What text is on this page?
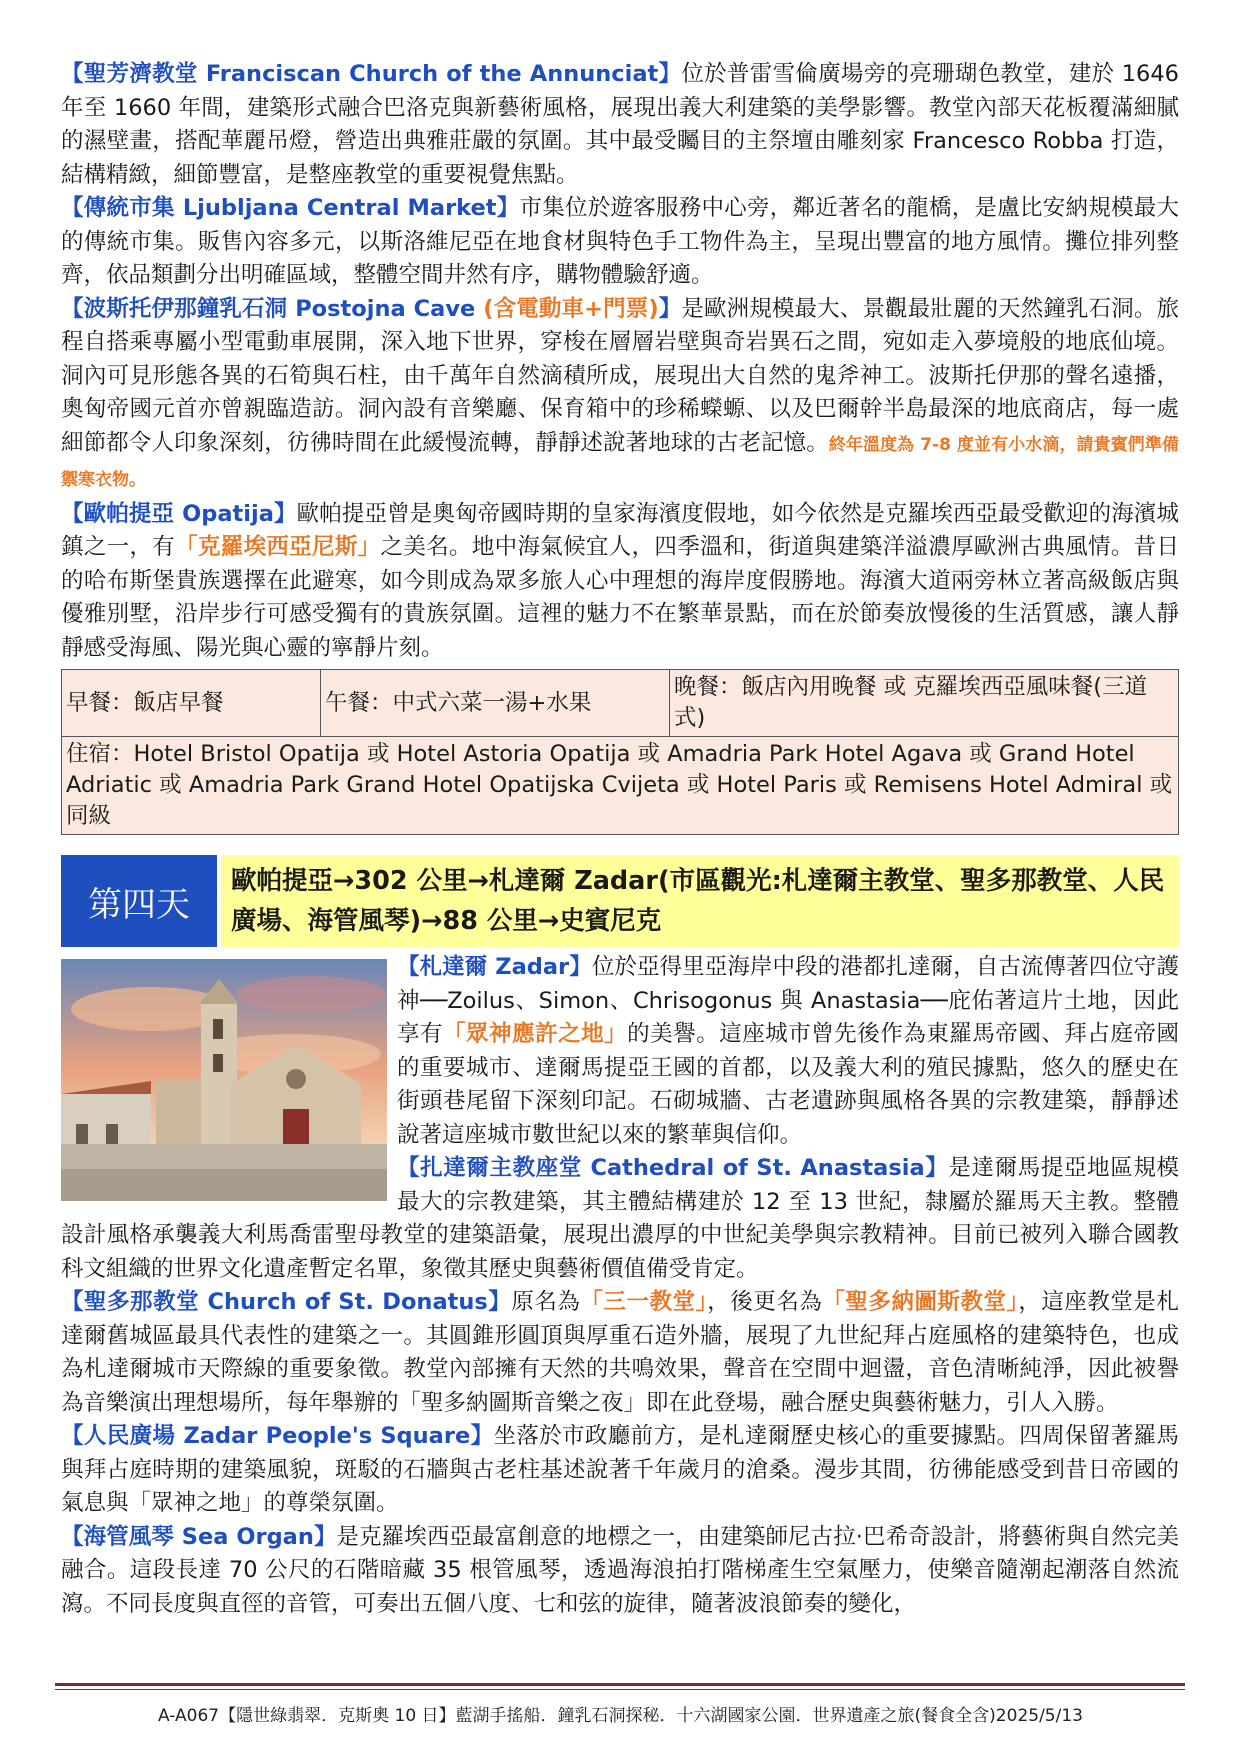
【聖芳濟教堂 Franciscan Church of the Annunciat】位於普雷雪倫廣場旁的亮珊瑚色教堂，建於 1646 年至 1660 年間，建築形式融合巴洛克與新藝術風格，展現出義大利建築的美學影響。教堂內部天花板覆滿細膩的濕壁畫，搭配華麗吊燈，營造出典雅莊嚴的氛圍。其中最受矚目的主祭壇由雕刻家 Francesco Robba 打造，結構精緻，細節豐富，是整座教堂的重要視覺焦點。

【傳統市集 Ljubljana Central Market】市集位於遊客服務中心旁，鄰近著名的龍橋，是盧比安納規模最大的傳統市集。販售內容多元，以斯洛維尼亞在地食材與特色手工物件為主，呈現出豐富的地方風情。攤位排列整齊，依品類劃分出明確區域，整體空間井然有序，購物體驗舒適。

【波斯托伊那鐘乳石洞 Postojna Cave (含電動車+門票)】是歐洲規模最大、景觀最壯麗的天然鐘乳石洞。旅程自搭乘專屬小型電動車展開，深入地下世界，穿梭在層層岩壁與奇岩異石之間，宛如走入夢境般的地底仙境。洞內可見形態各異的石筍與石柱，由千萬年自然滴積所成，展現出大自然的鬼斧神工。波斯托伊那的聲名遠播，奧匈帝國元首亦曾親臨造訪。洞內設有音樂廳、保育箱中的珍稀蠑螈、以及巴爾幹半島最深的地底商店，每一處細節都令人印象深刻，彷彿時間在此緩慢流轉，靜靜述說著地球的古老記憶。終年溫度為 7-8 度並有小水滴，請貴賓們準備禦寒衣物。

【歐帕提亞 Opatija】歐帕提亞曾是奧匈帝國時期的皇家海濱度假地，如今依然是克羅埃西亞最受歡迎的海濱城鎮之一，有「克羅埃西亞尼斯」之美名。地中海氣候宜人，四季溫和，街道與建築洋溢濃厚歐洲古典風情。昔日的哈布斯堡貴族選擇在此避寒，如今則成為眾多旅人心中理想的海岸度假勝地。海濱大道兩旁林立著高級飯店與優雅別墅，沿岸步行可感受獨有的貴族氛圍。這裡的魅力不在繁華景點，而在於節奏放慢後的生活質感，讓人靜靜感受海風、陽光與心靈的寧靜片刻。

早餐：飯店早餐	午餐：中式六菜一湯+水果	晚餐：飯店內用晚餐 或 克羅埃西亞風味餐(三道式)
住宿：Hotel Bristol Opatija 或 Hotel Astoria Opatija 或 Amadria Park Hotel Agava 或 Grand Hotel Adriatic 或 Amadria Park Grand Hotel Opatijska Cvijeta 或 Hotel Paris 或 Remisens Hotel Admiral 或 同級
第四天
歐帕提亞→302 公里→札達爾 Zadar(市區觀光:札達爾主教堂、聖多那教堂、人民廣場、海管風琴)→88 公里→史賓尼克

【札達爾 Zadar】位於亞得里亞海岸中段的港都扎達爾，自古流傳著四位守護神──Zoilus、Simon、Chrisogonus 與 Anastasia──庇佑著這片土地，因此享有「眾神應許之地」的美譽。這座城市曾先後作為東羅馬帝國、拜占庭帝國的重要城市、達爾馬提亞王國的首都，以及義大利的殖民據點，悠久的歷史在街頭巷尾留下深刻印記。石砌城牆、古老遺跡與風格各異的宗教建築，靜靜述說著這座城市數世紀以來的繁華與信仰。

【扎達爾主教座堂 Cathedral of St. Anastasia】是達爾馬提亞地區規模最大的宗教建築，其主體結構建於 12 至 13 世紀，隸屬於羅馬天主教。整體設計風格承襲義大利馬喬雷聖母教堂的建築語彙，展現出濃厚的中世紀美學與宗教精神。目前已被列入聯合國教科文組織的世界文化遺產暫定名單，象徵其歷史與藝術價值備受肯定。

【聖多那教堂 Church of St. Donatus】原名為「三一教堂」，後更名為「聖多納圖斯教堂」，這座教堂是札達爾舊城區最具代表性的建築之一。其圓錐形圓頂與厚重石造外牆，展現了九世紀拜占庭風格的建築特色，也成為札達爾城市天際線的重要象徵。教堂內部擁有天然的共鳴效果，聲音在空間中迴盪，音色清晰純淨，因此被譽為音樂演出理想場所，每年舉辦的「聖多納圖斯音樂之夜」即在此登場，融合歷史與藝術魅力，引人入勝。

【人民廣場 Zadar People's Square】坐落於市政廳前方，是札達爾歷史核心的重要據點。四周保留著羅馬與拜占庭時期的建築風貌，斑駁的石牆與古老柱基述說著千年歲月的滄桑。漫步其間，彷彿能感受到昔日帝國的氣息與「眾神之地」的尊榮氛圍。

【海管風琴 Sea Organ】是克羅埃西亞最富創意的地標之一，由建築師尼古拉·巴希奇設計，將藝術與自然完美融合。這段長達 70 公尺的石階暗藏 35 根管風琴，透過海浪拍打階梯產生空氣壓力，使樂音隨潮起潮落自然流瀉。不同長度與直徑的音管，可奏出五個八度、七和弦的旋律，隨著波浪節奏的變化，

A-A067【隱世綠翡翠．克斯奧 10 日】藍湖手搖船．鐘乳石洞探秘．十六湖國家公園．世界遺產之旅(餐食全含)2025/5/13
